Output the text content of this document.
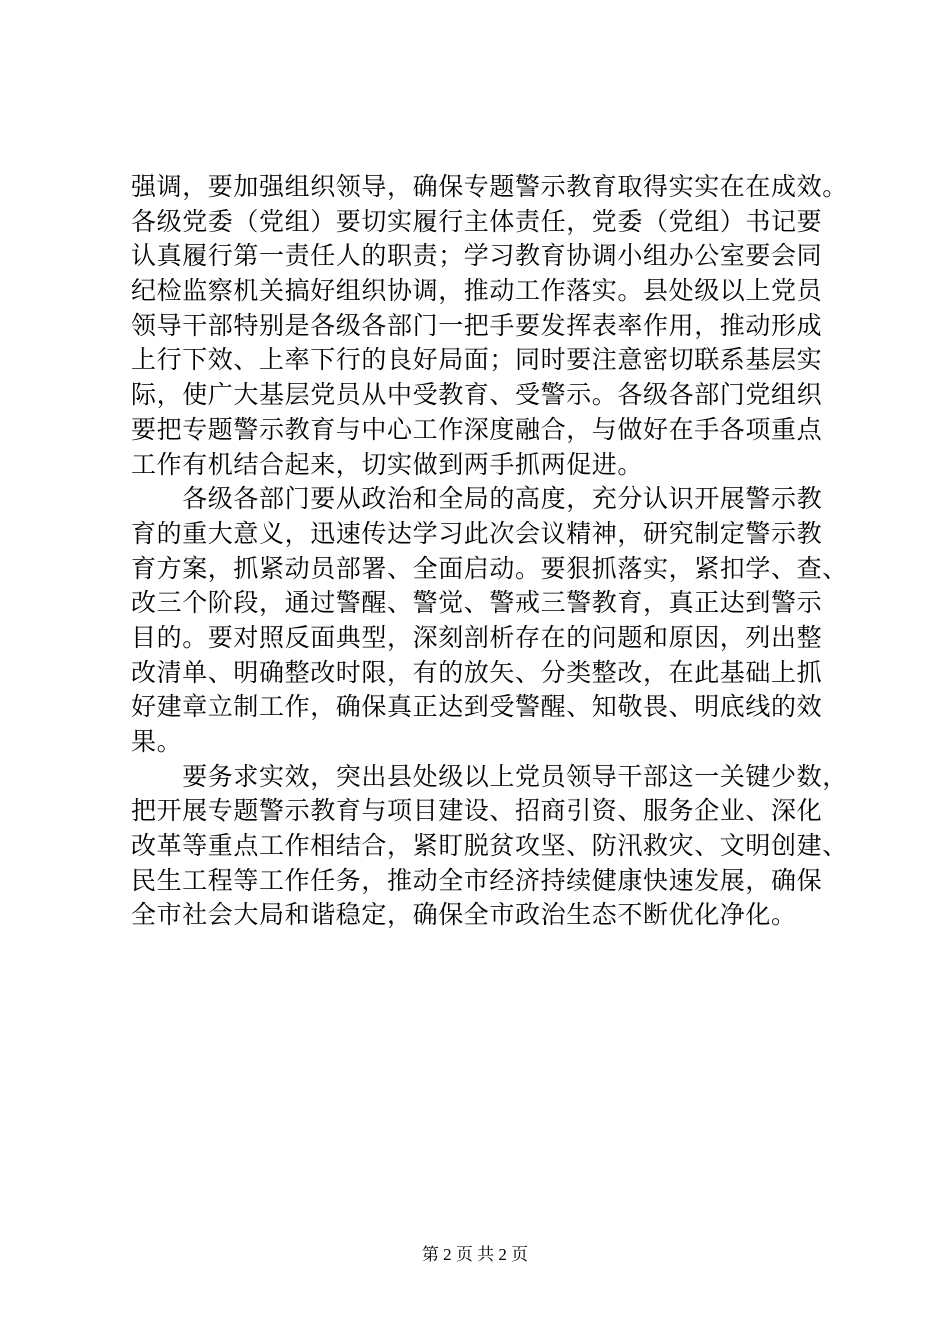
强调，要加强组织领导，确保专题警示教育取得实实在在成效。
各级党委（党组）要切实履行主体责任，党委（党组）书记要
认真履行第一责任人的职责；学习教育协调小组办公室要会同
纪检监察机关搞好组织协调，推动工作落实。县处级以上党员
领导干部特别是各级各部门一把手要发挥表率作用，推动形成
上行下效、上率下行的良好局面；同时要注意密切联系基层实
际，使广大基层党员从中受教育、受警示。各级各部门党组织
要把专题警示教育与中心工作深度融合，与做好在手各项重点
工作有机结合起来，切实做到两手抓两促进。
　　各级各部门要从政治和全局的高度，充分认识开展警示教
育的重大意义，迅速传达学习此次会议精神，研究制定警示教
育方案，抓紧动员部署、全面启动。要狠抓落实，紧扣学、查、
改三个阶段，通过警醒、警觉、警戒三警教育，真正达到警示
目的。要对照反面典型，深刻剖析存在的问题和原因，列出整
改清单、明确整改时限，有的放矢、分类整改，在此基础上抓
好建章立制工作，确保真正达到受警醒、知敬畏、明底线的效
果。
　　要务求实效，突出县处级以上党员领导干部这一关键少数，
把开展专题警示教育与项目建设、招商引资、服务企业、深化
改革等重点工作相结合，紧盯脱贫攻坚、防汛救灾、文明创建、
民生工程等工作任务，推动全市经济持续健康快速发展，确保
全市社会大局和谐稳定，确保全市政治生态不断优化净化。
第 2 页 共 2 页
